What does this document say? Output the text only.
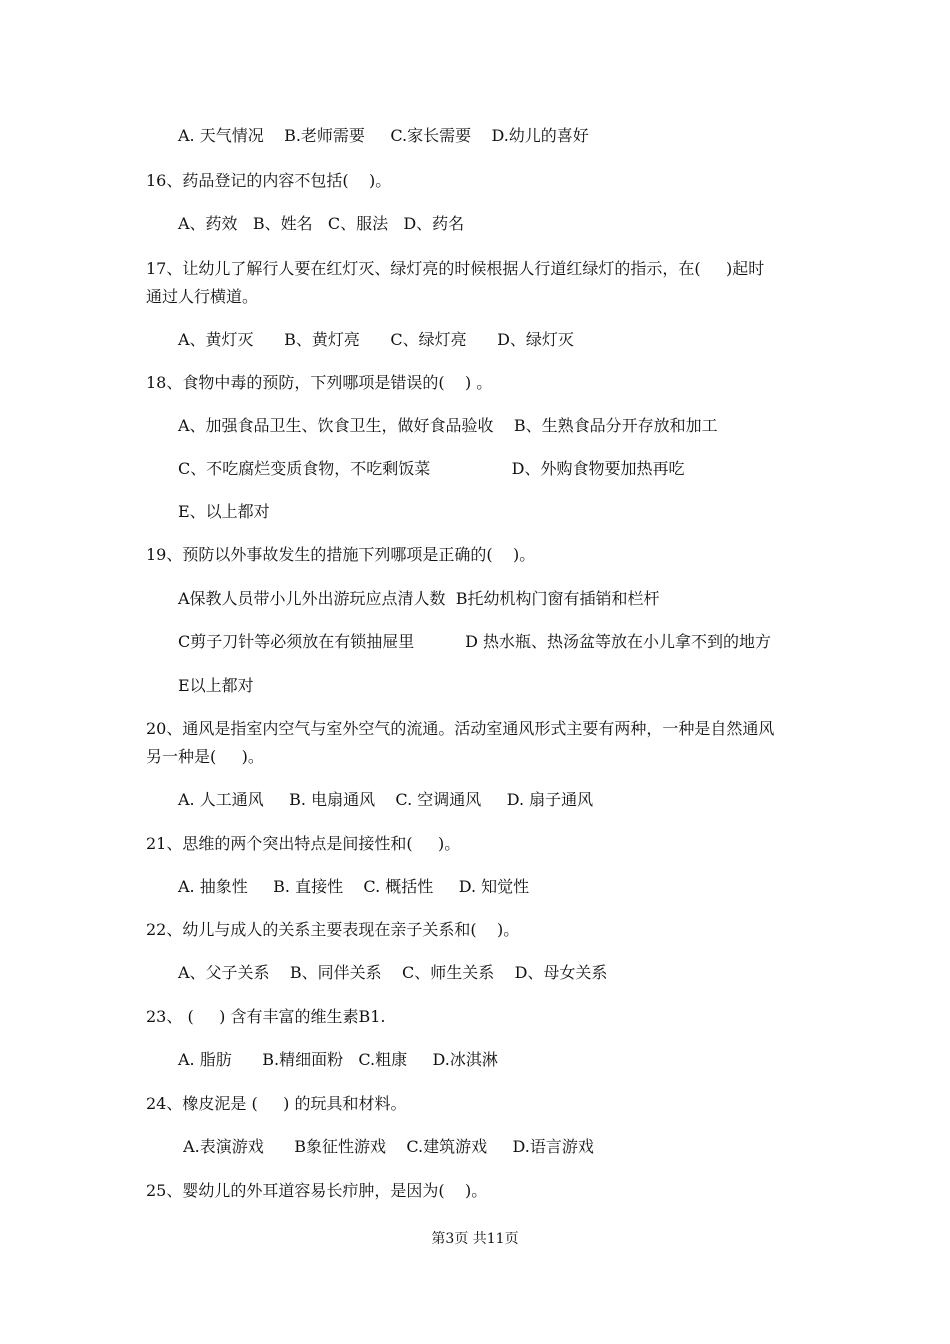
A. 天气情况    B.老师需要     C.家长需要    D.幼儿的喜好
16、药品登记的内容不包括(    )。
A、药效   B、姓名   C、服法   D、药名
17、让幼儿了解行人要在红灯灭、绿灯亮的时候根据人行道红绿灯的指示，在(     )起时
通过人行横道。
A、黄灯灭      B、黄灯亮      C、绿灯亮      D、绿灯灭
18、食物中毒的预防，下列哪项是错误的(    ) 。
A、加强食品卫生、饮食卫生，做好食品验收    B、生熟食品分开存放和加工
C、不吃腐烂变质食物，不吃剩饭菜                D、外购食物要加热再吃
E、以上都对
19、预防以外事故发生的措施下列哪项是正确的(    )。
A保教人员带小儿外出游玩应点清人数  B托幼机构门窗有插销和栏杆
C剪子刀针等必须放在有锁抽屉里          D 热水瓶、热汤盆等放在小儿拿不到的地方
E以上都对
20、通风是指室内空气与室外空气的流通。活动室通风形式主要有两种，一种是自然通风
另一种是(     )。
A. 人工通风     B. 电扇通风    C. 空调通风     D. 扇子通风
21、思维的两个突出特点是间接性和(     )。
A. 抽象性     B. 直接性    C. 概括性     D. 知觉性
22、幼儿与成人的关系主要表现在亲子关系和(    )。
A、父子关系    B、同伴关系    C、师生关系    D、母女关系
23、 (     ) 含有丰富的维生素B1.
A. 脂肪      B.精细面粉   C.粗康     D.冰淇淋
24、橡皮泥是 (     ) 的玩具和材料。
A.表演游戏      B象征性游戏    C.建筑游戏     D.语言游戏
25、婴幼儿的外耳道容易长疖肿，是因为(    )。
第3页 共11页
